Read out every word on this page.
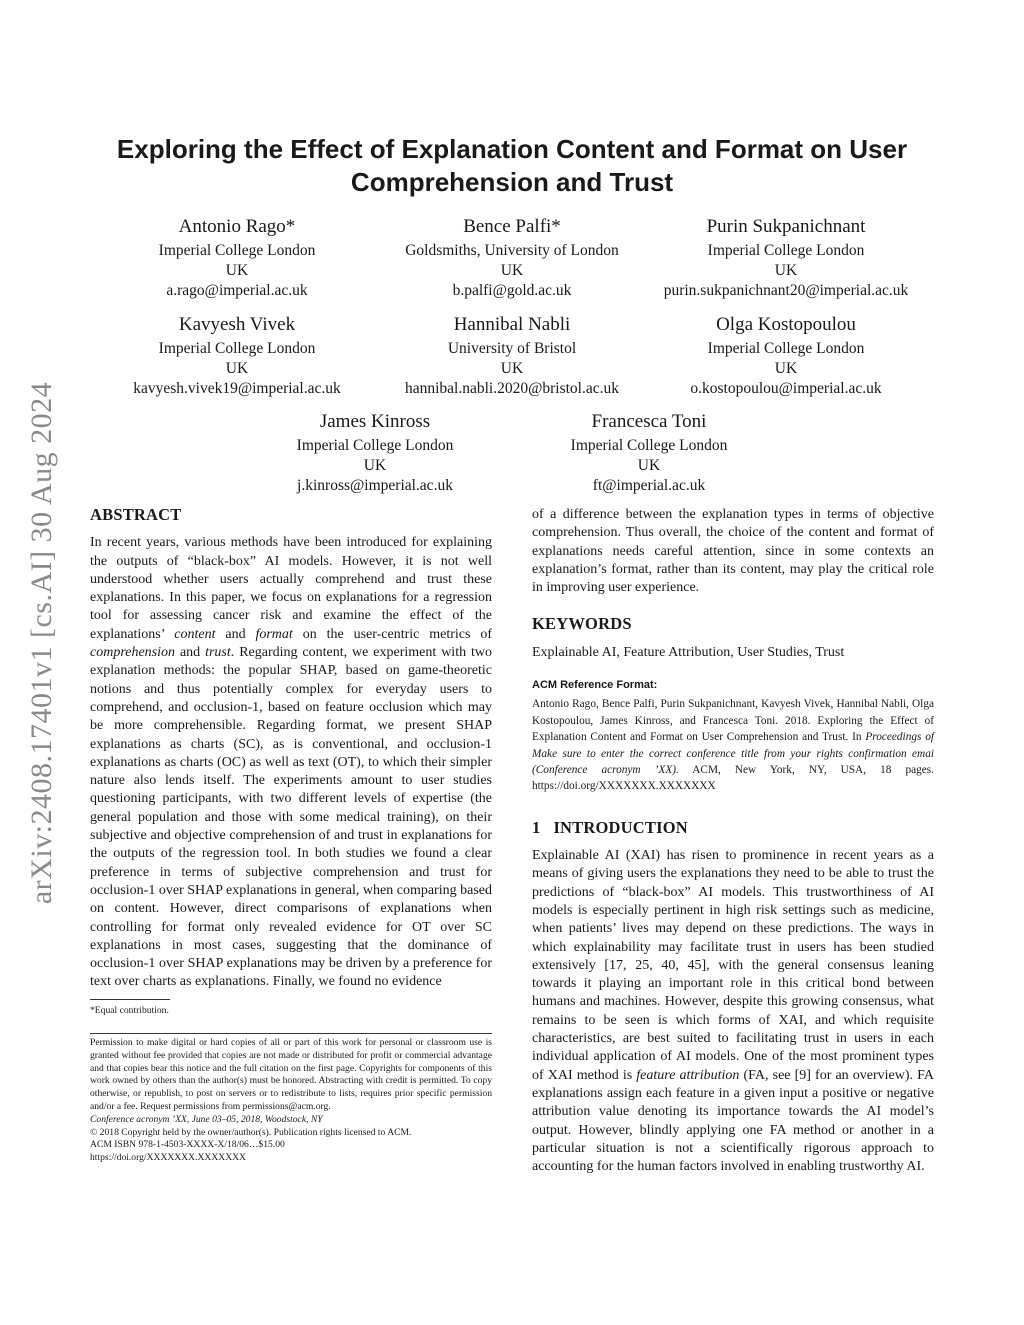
arXiv:2408.17401v1 [cs.AI] 30 Aug 2024
Exploring the Effect of Explanation Content and Format on User Comprehension and Trust
Antonio Rago*
Imperial College London
UK
a.rago@imperial.ac.uk
Bence Palfi*
Goldsmiths, University of London
UK
b.palfi@gold.ac.uk
Purin Sukpanichnant
Imperial College London
UK
purin.sukpanichnant20@imperial.ac.uk
Kavyesh Vivek
Imperial College London
UK
kavyesh.vivek19@imperial.ac.uk
Hannibal Nabli
University of Bristol
UK
hannibal.nabli.2020@bristol.ac.uk
Olga Kostopoulou
Imperial College London
UK
o.kostopoulou@imperial.ac.uk
James Kinross
Imperial College London
UK
j.kinross@imperial.ac.uk
Francesca Toni
Imperial College London
UK
ft@imperial.ac.uk
ABSTRACT

In recent years, various methods have been introduced for explaining the outputs of “black-box” AI models. However, it is not well understood whether users actually comprehend and trust these explanations. In this paper, we focus on explanations for a regression tool for assessing cancer risk and examine the effect of the explanations’ content and format on the user-centric metrics of comprehension and trust. Regarding content, we experiment with two explanation methods: the popular SHAP, based on game-theoretic notions and thus potentially complex for everyday users to comprehend, and occlusion-1, based on feature occlusion which may be more comprehensible. Regarding format, we present SHAP explanations as charts (SC), as is conventional, and occlusion-1 explanations as charts (OC) as well as text (OT), to which their simpler nature also lends itself. The experiments amount to user studies questioning participants, with two different levels of expertise (the general population and those with some medical training), on their subjective and objective comprehension of and trust in explanations for the outputs of the regression tool. In both studies we found a clear preference in terms of subjective comprehension and trust for occlusion-1 over SHAP explanations in general, when comparing based on content. However, direct comparisons of explanations when controlling for format only revealed evidence for OT over SC explanations in most cases, suggesting that the dominance of occlusion-1 over SHAP explanations may be driven by a preference for text over charts as explanations. Finally, we found no evidence

*Equal contribution.
Permission to make digital or hard copies of all or part of this work for personal or classroom use is granted without fee provided that copies are not made or distributed for profit or commercial advantage and that copies bear this notice and the full citation on the first page. Copyrights for components of this work owned by others than the author(s) must be honored. Abstracting with credit is permitted. To copy otherwise, or republish, to post on servers or to redistribute to lists, requires prior specific permission and/or a fee. Request permissions from permissions@acm.org.
Conference acronym ’XX, June 03–05, 2018, Woodstock, NY
© 2018 Copyright held by the owner/author(s). Publication rights licensed to ACM.
ACM ISBN 978-1-4503-XXXX-X/18/06…$15.00
https://doi.org/XXXXXXX.XXXXXXX

of a difference between the explanation types in terms of objective comprehension. Thus overall, the choice of the content and format of explanations needs careful attention, since in some contexts an explanation’s format, rather than its content, may play the critical role in improving user experience.

KEYWORDS

Explainable AI, Feature Attribution, User Studies, Trust

ACM Reference Format:

Antonio Rago, Bence Palfi, Purin Sukpanichnant, Kavyesh Vivek, Hannibal Nabli, Olga Kostopoulou, James Kinross, and Francesca Toni. 2018. Exploring the Effect of Explanation Content and Format on User Comprehension and Trust. In Proceedings of Make sure to enter the correct conference title from your rights confirmation emai (Conference acronym ’XX). ACM, New York, NY, USA, 18 pages. https://doi.org/XXXXXXX.XXXXXXX

1 INTRODUCTION

Explainable AI (XAI) has risen to prominence in recent years as a means of giving users the explanations they need to be able to trust the predictions of “black-box” AI models. This trustworthiness of AI models is especially pertinent in high risk settings such as medicine, when patients’ lives may depend on these predictions. The ways in which explainability may facilitate trust in users has been studied extensively [17, 25, 40, 45], with the general consensus leaning towards it playing an important role in this critical bond between humans and machines. However, despite this growing consensus, what remains to be seen is which forms of XAI, and which requisite characteristics, are best suited to facilitating trust in users in each individual application of AI models. One of the most prominent types of XAI method is feature attribution (FA, see [9] for an overview). FA explanations assign each feature in a given input a positive or negative attribution value denoting its importance towards the AI model’s output. However, blindly applying one FA method or another in a particular situation is not a scientifically rigorous approach to accounting for the human factors involved in enabling trustworthy AI.
